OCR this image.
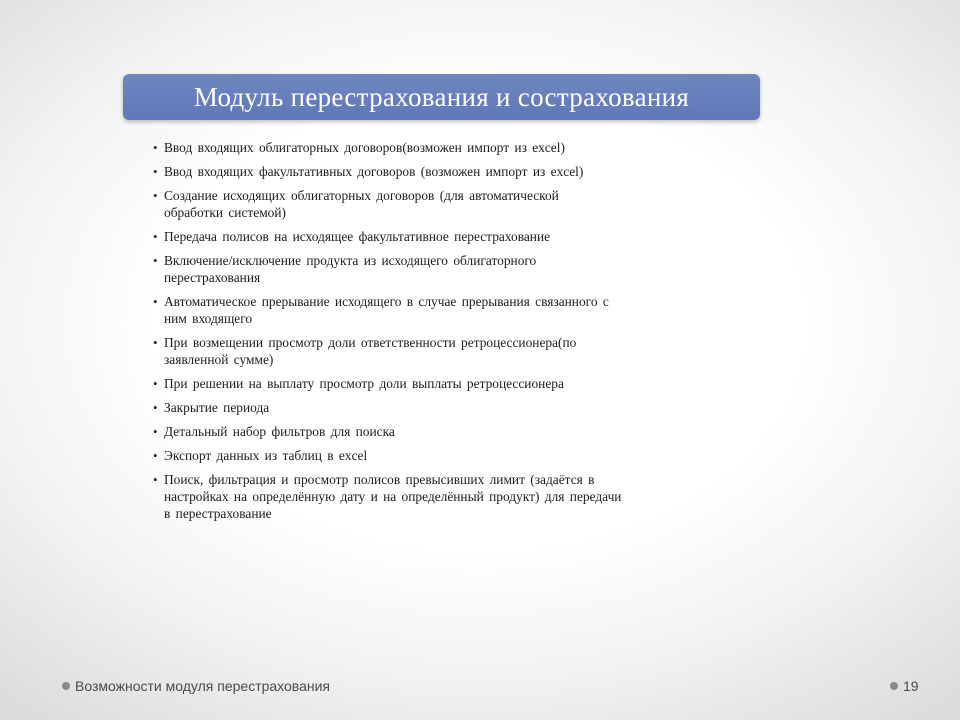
Модуль перестрахования и сострахования
• Ввод входящих облигаторных договоров(возможен импорт из excel)
• Ввод входящих факультативных договоров (возможен импорт из excel)
• Создание исходящих облигаторных договоров (для автоматической
обработки системой)
• Передача полисов на исходящее факультативное перестрахование
• Включение/исключение продукта из исходящего облигаторного
перестрахования
• Автоматическое прерывание исходящего в случае прерывания связанного с
ним входящего
• При возмещении просмотр доли ответственности ретроцессионера(по
заявленной сумме)
• При решении на выплату просмотр доли выплаты ретроцессионера
• Закрытие периода
• Детальный набор фильтров для поиска
• Экспорт данных из таблиц в excel
• Поиск, фильтрация и просмотр полисов превысивших лимит (задаётся в
настройках на определённую дату и на определённый продукт) для передачи
в перестрахование
Возможности модуля перестрахования	19
